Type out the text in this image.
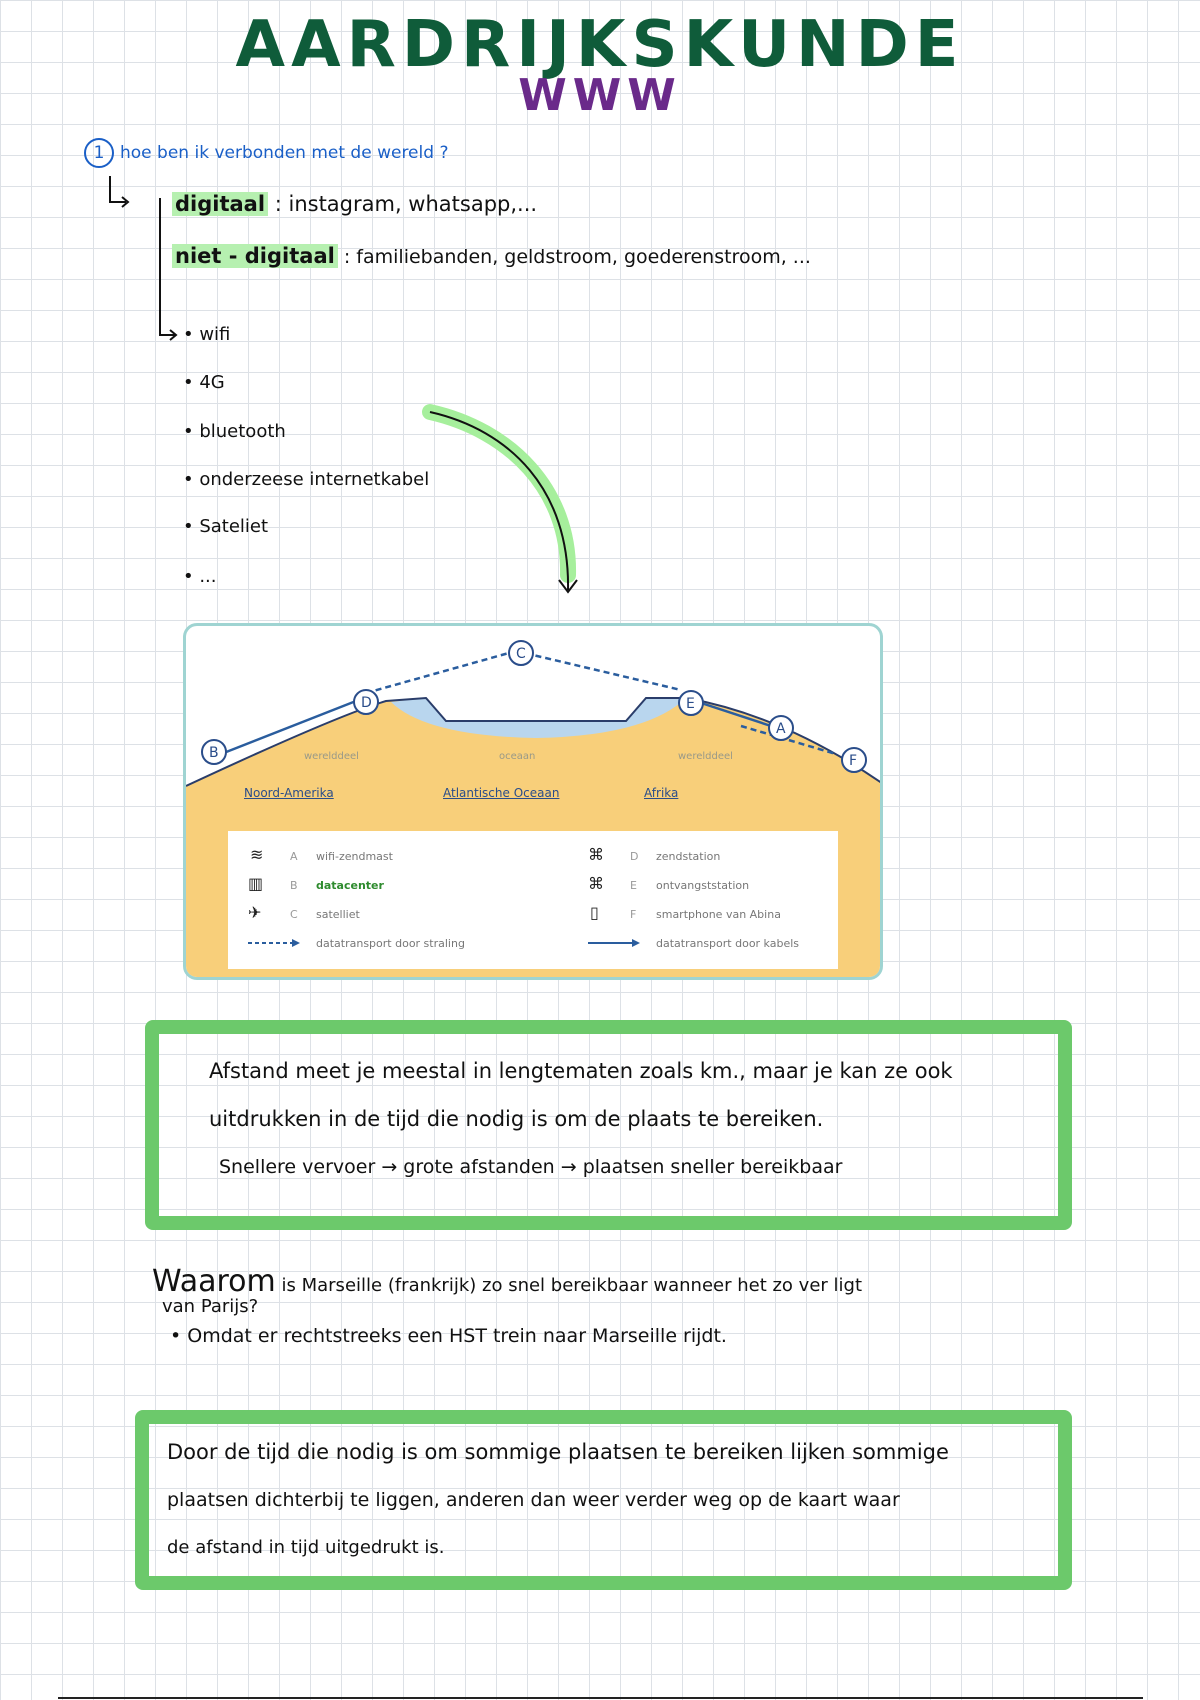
AARDRIJKSKUNDE
WWW
1 hoe ben ik verbonden met de wereld ?
digitaal : instagram, whatsapp,...
niet - digitaal : familiebanden, geldstroom, goederenstroom, ...
• wifi
• 4G
• bluetooth
• onderzeese internetkabel
• Sateliet
• ...
B
D
C
E
A
F
werelddeel	oceaan	werelddeel
Noord-Amerika	Atlantische Oceaan	Afrika
≋ A wifi-zendmast
▥ B datacenter
✈	C satelliet
datatransport door straling
⌘ D zendstation
⌘ E ontvangststation
▯	F smartphone van Abina
datatransport door kabels
Afstand meet je meestal in lengtematen zoals km., maar je kan ze ook
uitdrukken in de tijd die nodig is om de plaats te bereiken.
Snellere vervoer → grote afstanden → plaatsen sneller bereikbaar
Waarom is Marseille (frankrijk) zo snel bereikbaar wanneer het zo ver ligt
van Parijs?
• Omdat er rechtstreeks een HST trein naar Marseille rijdt.
Door de tijd die nodig is om sommige plaatsen te bereiken lijken sommige
plaatsen dichterbij te liggen, anderen dan weer verder weg op de kaart waar
de afstand in tijd uitgedrukt is.
